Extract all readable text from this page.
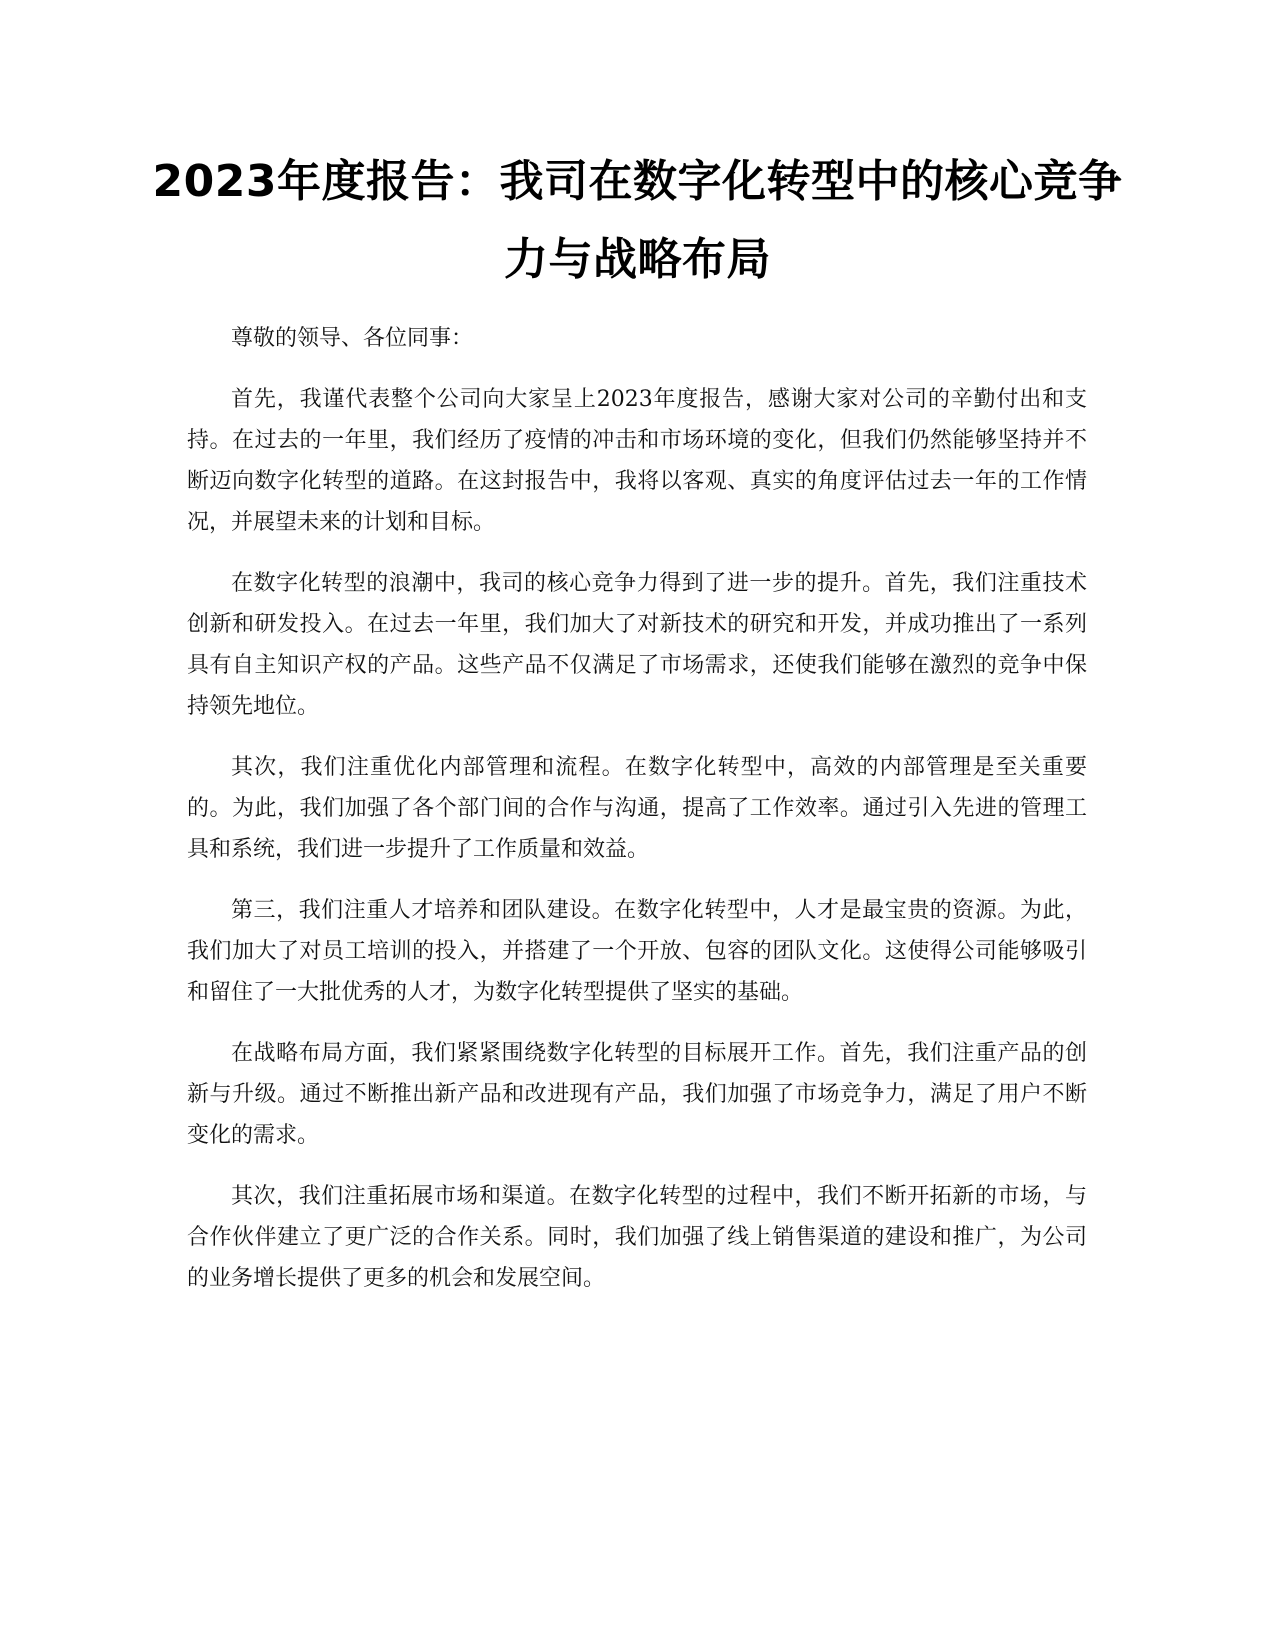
2023年度报告：我司在数字化转型中的核心竞争力与战略布局

尊敬的领导、各位同事：

首先，我谨代表整个公司向大家呈上2023年度报告，感谢大家对公司的辛勤付出和支持。在过去的一年里，我们经历了疫情的冲击和市场环境的变化，但我们仍然能够坚持并不断迈向数字化转型的道路。在这封报告中，我将以客观、真实的角度评估过去一年的工作情况，并展望未来的计划和目标。

在数字化转型的浪潮中，我司的核心竞争力得到了进一步的提升。首先，我们注重技术创新和研发投入。在过去一年里，我们加大了对新技术的研究和开发，并成功推出了一系列具有自主知识产权的产品。这些产品不仅满足了市场需求，还使我们能够在激烈的竞争中保持领先地位。

其次，我们注重优化内部管理和流程。在数字化转型中，高效的内部管理是至关重要的。为此，我们加强了各个部门间的合作与沟通，提高了工作效率。通过引入先进的管理工具和系统，我们进一步提升了工作质量和效益。

第三，我们注重人才培养和团队建设。在数字化转型中，人才是最宝贵的资源。为此，我们加大了对员工培训的投入，并搭建了一个开放、包容的团队文化。这使得公司能够吸引和留住了一大批优秀的人才，为数字化转型提供了坚实的基础。

在战略布局方面，我们紧紧围绕数字化转型的目标展开工作。首先，我们注重产品的创新与升级。通过不断推出新产品和改进现有产品，我们加强了市场竞争力，满足了用户不断变化的需求。

其次，我们注重拓展市场和渠道。在数字化转型的过程中，我们不断开拓新的市场，与合作伙伴建立了更广泛的合作关系。同时，我们加强了线上销售渠道的建设和推广，为公司的业务增长提供了更多的机会和发展空间。
